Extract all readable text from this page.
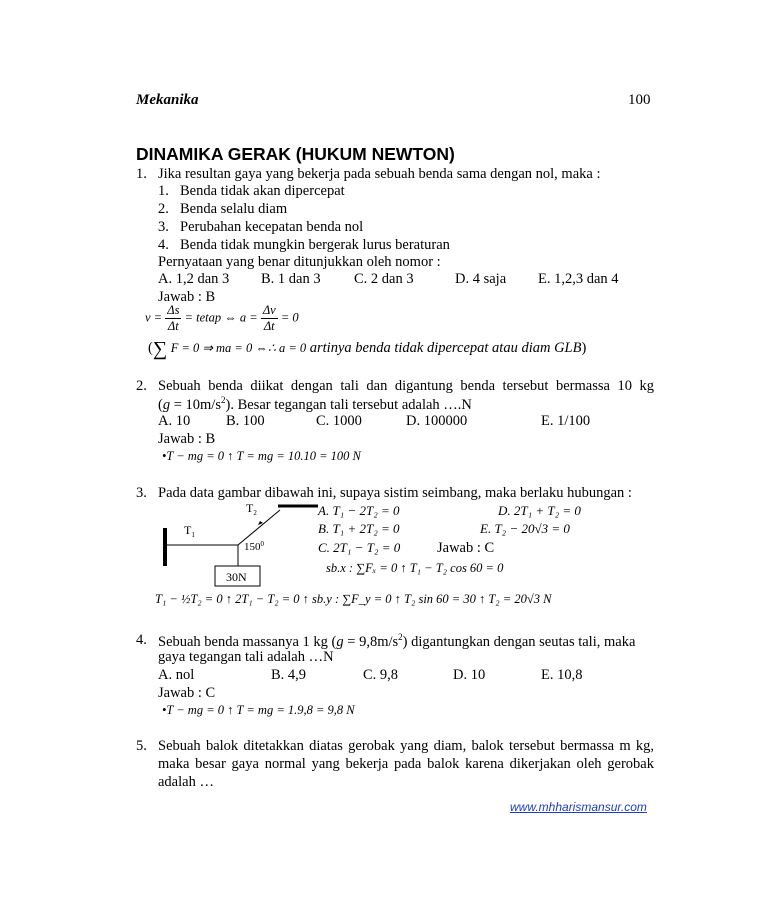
Mekanika	100
DINAMIKA GERAK (HUKUM NEWTON)
1. Jika resultan gaya yang bekerja pada sebuah benda sama dengan nol, maka :
1. Benda tidak akan dipercepat
2. Benda selalu diam
3. Perubahan kecepatan benda nol
4. Benda tidak mungkin bergerak lurus beraturan
Pernyataan yang benar ditunjukkan oleh nomor :
A. 1,2 dan 3 B. 1 dan 3 C. 2 dan 3	D. 4 saja E. 1,2,3 dan 4
Jawab : B
$v = \frac{\Delta s}{\Delta t}$ = tetap ⇔ $a = \frac{\Delta v}{\Delta t} = 0$
(∑ F = 0 ⇒ ma = 0 ⇔∴ a = 0 artinya benda tidak dipercepat atau diam GLB)
2. Sebuah benda diikat dengan tali dan digantung benda tersebut bermassa 10 kg
$(g = 10m/s^2)$. Besar tegangan tali tersebut adalah ….N
A. 10 B. 100	C. 1000	D. 100000	E. 1/100
Jawab : B
•T − mg = 0 ↑ T = mg = 10.10 = 100 N
3. Pada data gambar dibawah ini, supaya sistim seimbang, maka berlaku hubungan :
$T_2$
$T_1$
$150^0$
30N
A. T₁ − 2T₂ = 0
B. T₁ + 2T₂ = 0
C. 2T₁ − T₂ = 0
D. 2T₁ + T₂ = 0
E. T₂ − 20√3 = 0
Jawab : C
sb.x : ∑Fₓ = 0 ↑ T₁ − T₂ cos 60 = 0
T₁ − ½T₂ = 0 ↑ 2T₁ − T₂ = 0 ↑ sb.y : ∑F_y = 0 ↑ T₂ sin 60 = 30 ↑ T₂ = 20√3 N
4. Sebuah benda massanya 1 kg $(g = 9,8m/s^2)$ digantungkan dengan seutas tali, maka
gaya tegangan tali adalah …N
A. nol	B. 4,9	C. 9,8	D. 10	E. 10,8
Jawab : C
•T − mg = 0 ↑ T = mg = 1.9,8 = 9,8 N
5. Sebuah balok ditetakkan diatas gerobak yang diam, balok tersebut bermassa m kg,
maka besar gaya normal yang bekerja pada balok karena dikerjakan oleh gerobak
adalah …
www.mhharismansur.com
